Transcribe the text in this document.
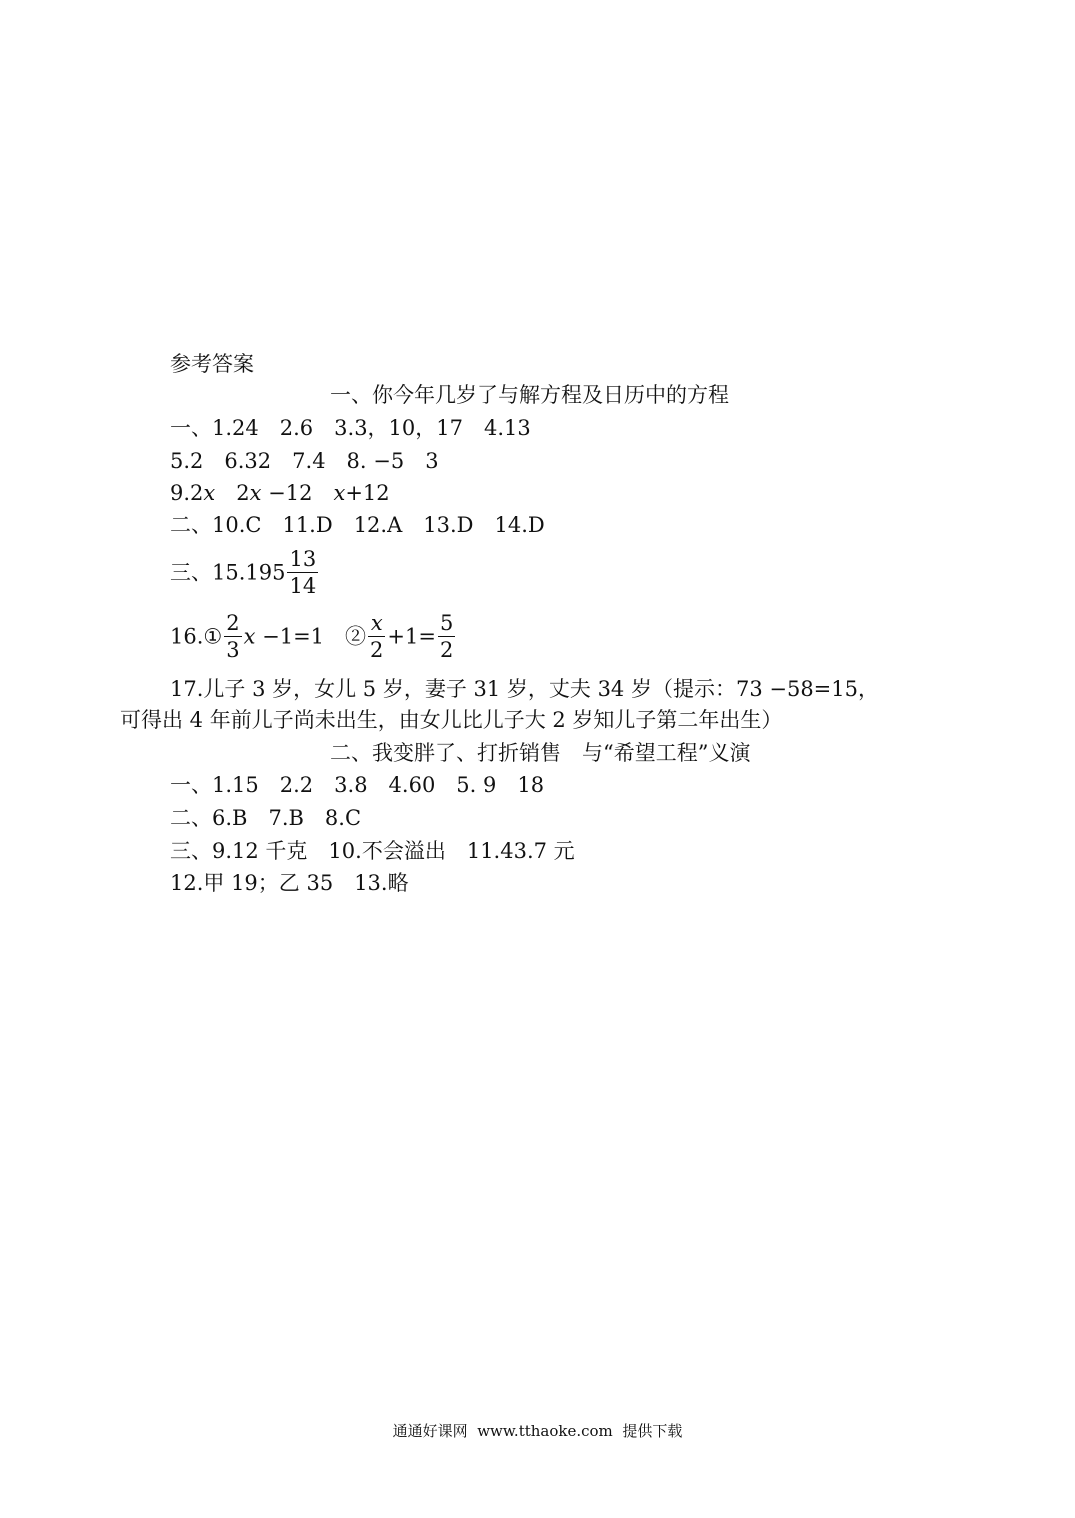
参考答案
一、你今年几岁了与解方程及日历中的方程
一、1.24　2.6　3.3，10，17　4.13
5.2　6.32　7.4　8. −5　3
9.2x　2x −12　x+12
二、10.C　11.D　12.A　13.D　14.D
三、$15.195 \frac{13}{14}$
16.① $\frac{2}{3}$ x −1=1　② $\frac{x}{2} +1= \frac{5}{2}$
17.儿子 3 岁，女儿 5 岁，妻子 31 岁，丈夫 34 岁（提示：73 −58=15，
可得出 4 年前儿子尚未出生，由女儿比儿子大 2 岁知儿子第二年出生）
二、我变胖了、打折销售　与“希望工程”义演
一、1.15　2.2　3.8　4.60　5. 9　18
二、6.B　7.B　8.C
三、9.12 千克　10.不会溢出　11.43.7 元
12.甲 19；乙 35　13.略
通通好课网  www.tthaoke.com  提供下载
